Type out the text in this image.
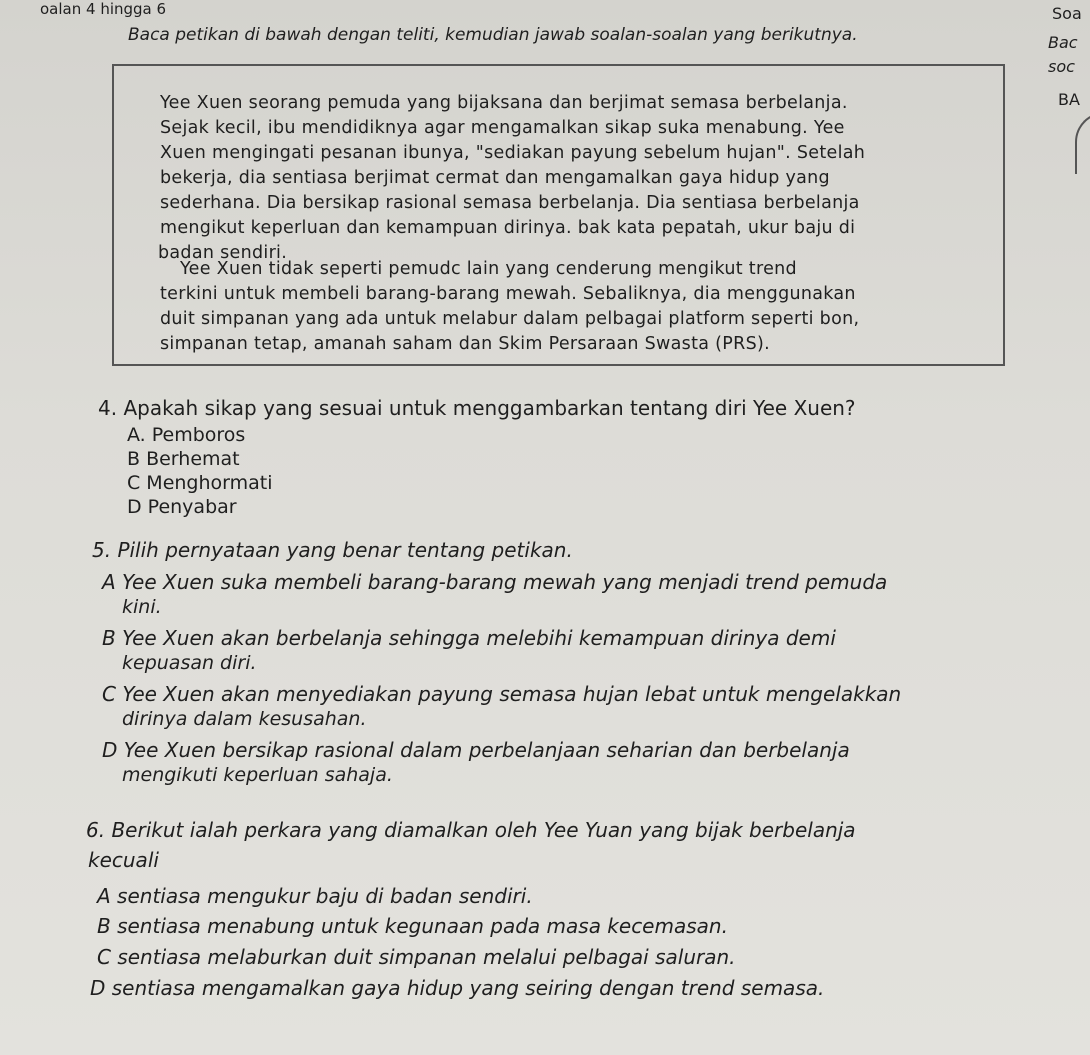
oalan 4 hingga 6
Baca petikan di bawah dengan teliti, kemudian jawab soalan-soalan yang berikutnya.
Soa
Bac
soc
BA
Yee Xuen seorang pemuda yang bijaksana dan berjimat semasa berbelanja.
Sejak kecil, ibu mendidiknya agar mengamalkan sikap suka menabung. Yee
Xuen mengingati pesanan ibunya, "sediakan payung sebelum hujan". Setelah
bekerja, dia sentiasa berjimat cermat dan mengamalkan gaya hidup yang
sederhana. Dia bersikap rasional semasa berbelanja. Dia sentiasa berbelanja
mengikut keperluan dan kemampuan dirinya. bak kata pepatah, ukur baju di
badan sendiri.
Yee Xuen tidak seperti pemudc lain yang cenderung mengikut trend
terkini untuk membeli barang-barang mewah. Sebaliknya, dia menggunakan
duit simpanan yang ada untuk melabur dalam pelbagai platform seperti bon,
simpanan tetap, amanah saham dan Skim Persaraan Swasta (PRS).
4. Apakah sikap yang sesuai untuk menggambarkan tentang diri Yee Xuen?
A. Pemboros
B Berhemat
C Menghormati
D Penyabar
5. Pilih pernyataan yang benar tentang petikan.
A Yee Xuen suka membeli barang-barang mewah yang menjadi trend pemuda
kini.
B Yee Xuen akan berbelanja sehingga melebihi kemampuan dirinya demi
kepuasan diri.
C Yee Xuen akan menyediakan payung semasa hujan lebat untuk mengelakkan
dirinya dalam kesusahan.
D Yee Xuen bersikap rasional dalam perbelanjaan seharian dan berbelanja
mengikuti keperluan sahaja.
6. Berikut ialah perkara yang diamalkan oleh Yee Yuan yang bijak berbelanja
kecuali
A sentiasa mengukur baju di badan sendiri.
B sentiasa menabung untuk kegunaan pada masa kecemasan.
C sentiasa melaburkan duit simpanan melalui pelbagai saluran.
D sentiasa mengamalkan gaya hidup yang seiring dengan trend semasa.
